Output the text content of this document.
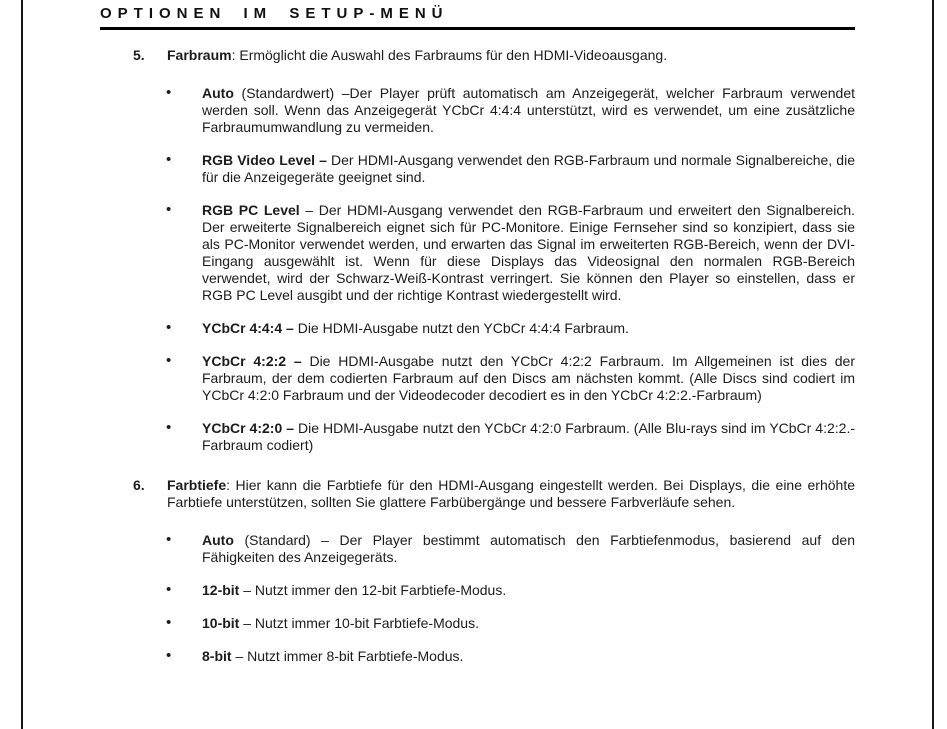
OPTIONEN IM SETUP-MENÜ
5. Farbraum: Ermöglicht die Auswahl des Farbraums für den HDMI-Videoausgang.
• Auto (Standardwert) –Der Player prüft automatisch am Anzeigegerät, welcher Farbraum verwendet werden soll. Wenn das Anzeigegerät YCbCr 4:4:4 unterstützt, wird es verwendet, um eine zusätzliche Farbraumumwandlung zu vermeiden.
• RGB Video Level – Der HDMI-Ausgang verwendet den RGB-Farbraum und normale Signalbereiche, die für die Anzeigegeräte geeignet sind.
• RGB PC Level – Der HDMI-Ausgang verwendet den RGB-Farbraum und erweitert den Signalbereich. Der erweiterte Signalbereich eignet sich für PC-Monitore. Einige Fernseher sind so konzipiert, dass sie als PC-Monitor verwendet werden, und erwarten das Signal im erweiterten RGB-Bereich, wenn der DVI-Eingang ausgewählt ist. Wenn für diese Displays das Videosignal den normalen RGB-Bereich verwendet, wird der Schwarz-Weiß-Kontrast verringert. Sie können den Player so einstellen, dass er RGB PC Level ausgibt und der richtige Kontrast wiedergestellt wird.
• YCbCr 4:4:4 – Die HDMI-Ausgabe nutzt den YCbCr 4:4:4 Farbraum.
• YCbCr 4:2:2 – Die HDMI-Ausgabe nutzt den YCbCr 4:2:2 Farbraum. Im Allgemeinen ist dies der Farbraum, der dem codierten Farbraum auf den Discs am nächsten kommt. (Alle Discs sind codiert im YCbCr 4:2:0 Farbraum und der Videodecoder decodiert es in den YCbCr 4:2:2.-Farbraum)
• YCbCr 4:2:0 – Die HDMI-Ausgabe nutzt den YCbCr 4:2:0 Farbraum. (Alle Blu-rays sind im YCbCr 4:2:2.-Farbraum codiert)
6. Farbtiefe: Hier kann die Farbtiefe für den HDMI-Ausgang eingestellt werden. Bei Displays, die eine erhöhte Farbtiefe unterstützen, sollten Sie glattere Farbübergänge und bessere Farbverläufe sehen.
• Auto (Standard) – Der Player bestimmt automatisch den Farbtiefenmodus, basierend auf den Fähigkeiten des Anzeigegeräts.
• 12-bit – Nutzt immer den 12-bit Farbtiefe-Modus.
• 10-bit – Nutzt immer 10-bit Farbtiefe-Modus.
• 8-bit – Nutzt immer 8-bit Farbtiefe-Modus.
